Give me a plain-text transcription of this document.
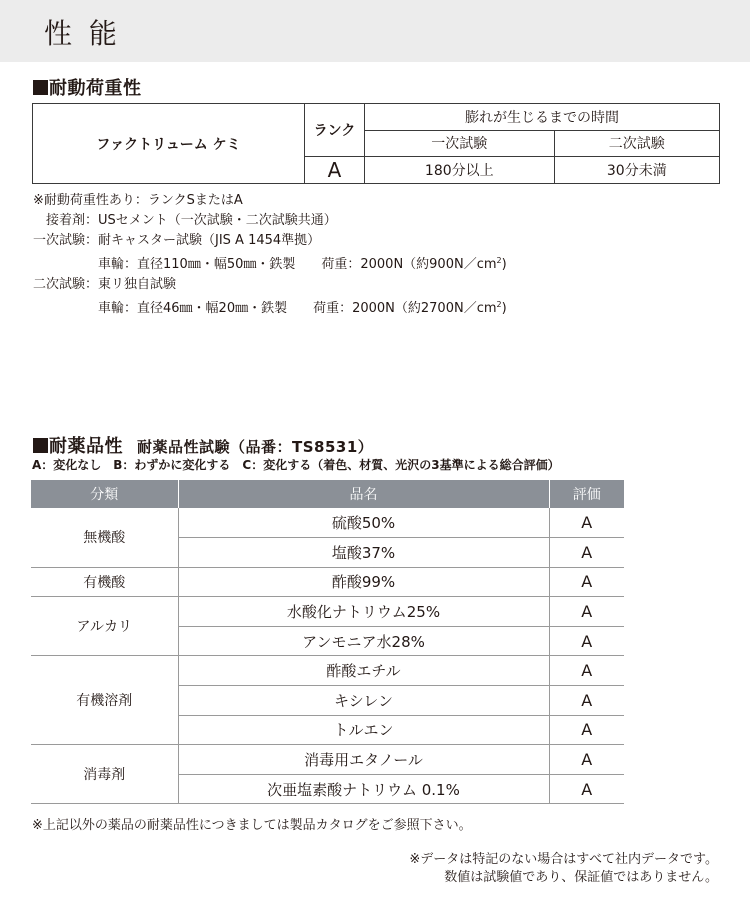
性 能
耐動荷重性
ファクトリューム ケミ	ランク	膨れが生じるまでの時間	
		一次試験	二次試験
	A	180分以上	30分未満
※耐動荷重性あり：ランクSまたはA
　接着剤：USセメント（一次試験・二次試験共通）
一次試験：耐キャスター試験（JIS A 1454準拠）
　　　　　車輪：直径110㎜・幅50㎜・鉄製　　荷重：2000N（約$900N/cm^2$)
二次試験：東リ独自試験
　　　　　車輪：直径46㎜・幅20㎜・鉄製　　荷重：2000N（約$2700N/cm^2$)
耐薬品性 耐薬品性試験（品番：TS8531）
A：変化なし　B：わずかに変化する　C：変化する（着色、材質、光沢の3基準による総合評価）
分類	品名	評価
無機酸	硫酸50%	A
	塩酸37%	A
有機酸	酢酸99%	A
アルカリ	水酸化ナトリウム25%	A
	アンモニア水28%	A
有機溶剤	酢酸エチル	A
	キシレン	A
	トルエン	A
消毒剤	消毒用エタノール	A
	次亜塩素酸ナトリウム 0.1%	A
※上記以外の薬品の耐薬品性につきましては製品カタログをご参照下さい。
※データは特記のない場合はすべて社内データです。
数値は試験値であり、保証値ではありません。
